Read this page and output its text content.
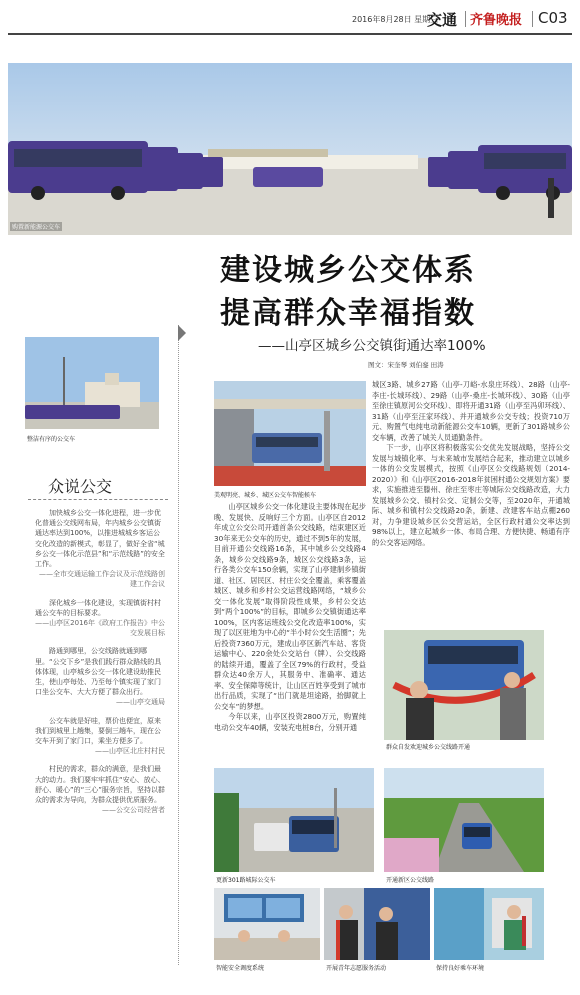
2016年8月28日 星期三
交通 齐鲁晚报 C03
购置新能源公交车
建设城乡公交体系
提高群众幸福指数
——山亭区城乡公交镇街通达率100%
图文：宋奎琴 刘伯銮 田涛
整洁有序的公交车
众说公交

加快城乡公交一体化进程，进一步优化普通公交线网布局，年内城乡公交镇街通达率达到100%，以推进城城乡客运公交化改造的新模式，彰显了，做好全省“城乡公交一体化示范县”和“示范线路”的安全工作。

——全市交通运输工作会议及示范线路创建工作会议

深化城乡一体化建设，实现镇街村村通公交车的目标要求。

——山亭区2016年《政府工作报告》中公交发展目标

路通到哪里，公交线路就通到哪里。“公交下乡”是我们践行群众路线的具体体现，山亭城乡公交一体化建设助推民生，使山亭每处、乃至每个镇实现了家门口坐公交车、大大方便了群众出行。

——山亭交通局

公交车就是好哇，票价也便宜，原来我们到城里上趟集，要倒三趟车，现在公交车开到了家门口，乘坐方便多了。

——山亭区北庄村村民

村民的需求，群众的满意，是我们最大的动力。我们要牢牢抓住“安心、放心、舒心、暖心”的“三心”服务宗旨，坚持以群众的需求为导向，为群众提供优质服务。

——公交公司经营者
美观明亮、城乡、城区公交车智能候车

山亭区城乡公交一体化建设主要体现在起步晚、发展快、反响好三个方面。山亭区自2012年成立公交公司开通首条公交线路，结束建区近30年来无公交车的历史，通过不到5年的发展，目前开通公交线路16条，其中城乡公交线路4条，城乡公交线路9条，城区公交线路3条，运行各类公交车150余辆，实现了山亭建制乡镇街道、社区、居民区、村庄公交全覆盖，乘客覆盖城区、城乡和乡村公交运营线路网络，“城乡公交一体化发展”取得阶段性成果，乡村公交达到“两个100%”的目标，即城乡公交镇街通达率100%，区内客运班线公交化改造率100%，实现了以区驻地为中心的“半小时公交生活圈”；先后投资7360万元，建成山亭区新汽车站、客货运输中心、220余处公交站台（牌）、公交线路的陆续开通，覆盖了全区79%的行政村，受益群众达40余万人，其服务中、准确率、通达率、安全保障等统计，让山区百姓享受到了城市出行品质，实现了“出门就是坦途路，抬脚就上公交车”的梦想。

今年以来，山亭区投资2800万元，购置纯电动公交车40辆，安装充电桩8台，分别开通

城区3路、城乡27路（山亭-刀峪-水泉庄环线）、28路（山亭-李庄-长城环线）、29路（山亭-桑庄-长城环线）、30路（山亭至徐庄镇原河公交环线）、即将开通31路（山亭至冯卯环线）、31路（山亭至汪家环线）、并开通城乡公交专线；投资710万元、购置气电纯电动新能源公交车10辆，更新了301路城乡公交车辆，改善了城关人员通勤条件。

下一步，山亭区将积极落实公交优先发展战略，坚持公交发展与城镇化率、与未来城市发展结合起来，推动建立以城乡一体的公交发展模式，按照《山亭区公交线路规划（2014-2020）》和《山亭区2016-2018年贫困村通公交规划方案》要求，实施推进至滕州、徐庄至枣庄等城际公交线路改造，大力发展城乡公交、镇村公交、定制公交等，至2020年，开通城际、城乡和镇村公交线路20条，新建、改建客车站点棚260对，力争建设城乡区公交营运站，全区行政村通公交率达到98%以上，建立起城乡一体、布局合理、方便快捷、畅通有序的公交客运网络。

群众自发欢迎城乡公交线路开通
更新301路城际公交车	开通新区公交线路
智能安全调度系统	开展青年志愿服务活动	保持良好乘车环境
